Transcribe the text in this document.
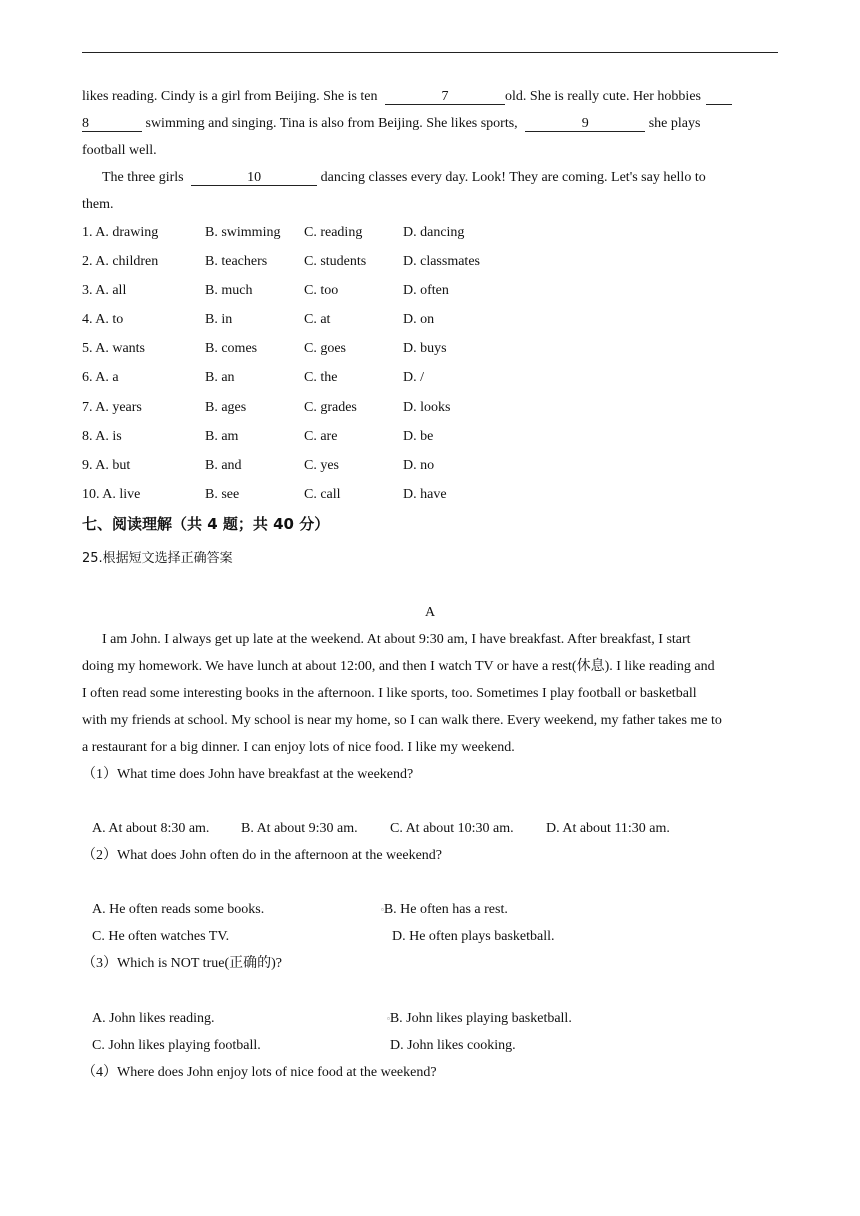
likes reading. Cindy is a girl from Beijing. She is ten	7	old. She is really cute. Her hobbies
8	swimming and singing. Tina is also from Beijing. She likes sports,	9	she plays
football well.
The three girls	10	dancing classes every day. Look! They are coming. Let's say hello to
them.
1. A. drawing	B. swimming C. reading	D. dancing
2. A. children	B. teachers	C. students	D. classmates
3. A. all	B. much	C. too	D. often
4. A. to	B. in	C. at	D. on
5. A. wants	B. comes	C. goes	D. buys
6. A. a	B. an	C. the	D. /
7. A. years	B. ages	C. grades	D. looks
8. A. is	B. am	C. are	D. be
9. A. but	B. and	C. yes	D. no
10. A. live	B. see	C. call	D. have
七、阅读理解（共 4 题；共 40 分）
25.根据短文选择正确答案
A
I am John. I always get up late at the weekend. At about 9:30 am, I have breakfast. After breakfast, I start
doing my homework. We have lunch at about 12:00, and then I watch TV or have a rest(休息). I like reading and
I often read some interesting books in the afternoon. I like sports, too. Sometimes I play football or basketball
with my friends at school. My school is near my home, so I can walk there. Every weekend, my father takes me to
a restaurant for a big dinner. I can enjoy lots of nice food. I like my weekend.
（1）What time does John have breakfast at the weekend?
A. At about 8:30 am. B. At about 9:30 am. C. At about 10:30 am. D. At about 11:30 am.
（2）What does John often do in the afternoon at the weekend?
A. He often reads some books.	▫B. He often has a rest.
C. He often watches TV.	D. He often plays basketball.
（3）Which is NOT true(正确的)?
A. John likes reading.	▫B. John likes playing basketball.
C. John likes playing football.	D. John likes cooking.
（4）Where does John enjoy lots of nice food at the weekend?
